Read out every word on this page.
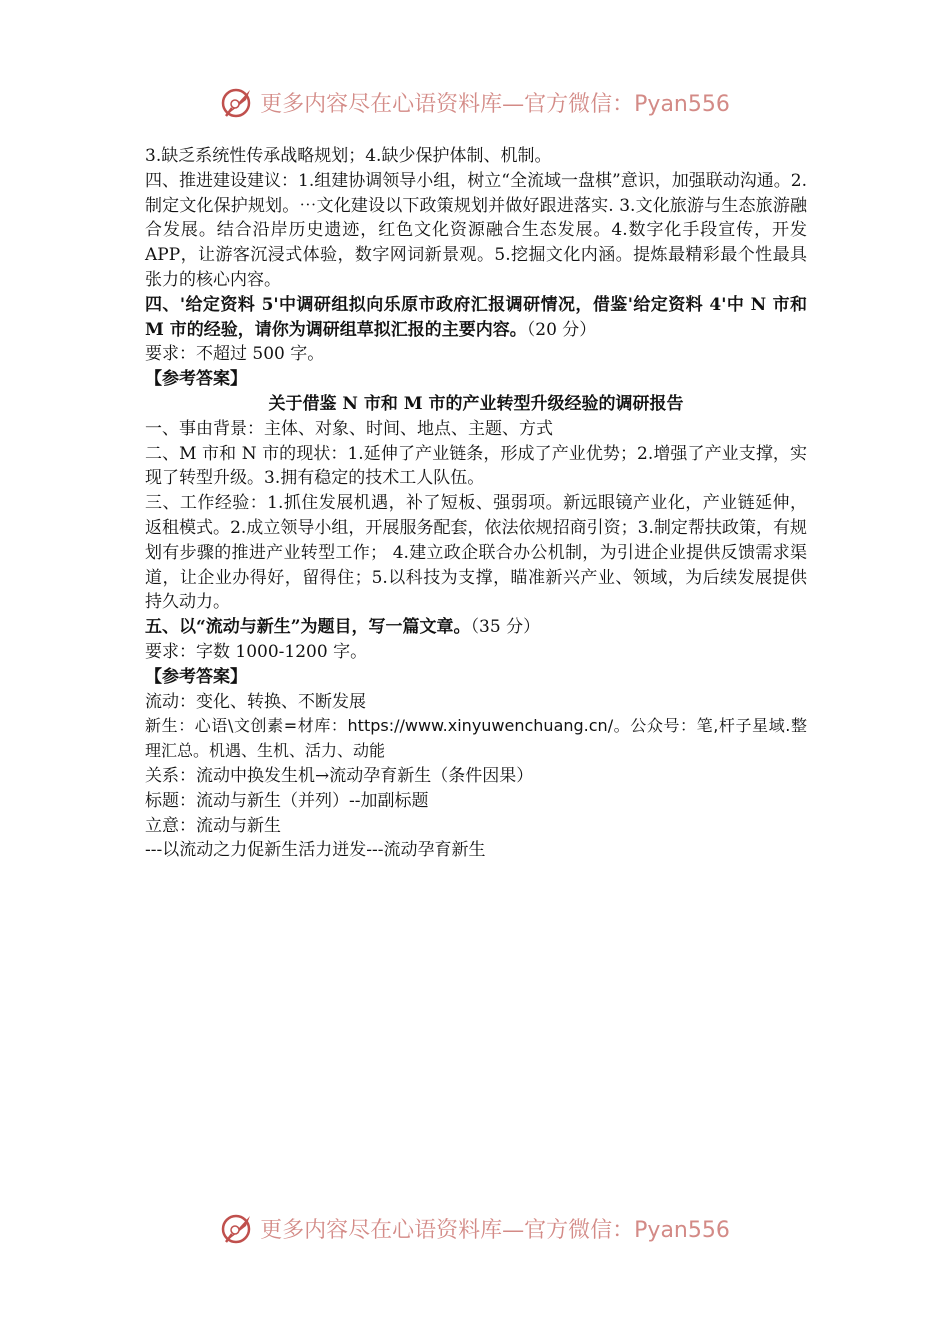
更多内容尽在心语资料库—官方微信：Pyan556

3.缺乏系统性传承战略规划；4.缺少保护体制、机制。

四、推进建设建议：1.组建协调领导小组，树立“全流域一盘棋”意识，加强联动沟通。2.制定文化保护规划。⋯文化建设以下政策规划并做好跟进落实. 3.文化旅游与生态旅游融合发展。结合沿岸历史遗迹，红色文化资源融合生态发展。4.数字化手段宣传，开发 APP，让游客沉浸式体验，数字网词新景观。5.挖掘文化内涵。提炼最精彩最个性最具张力的核心内容。

四、'给定资料 5'中调研组拟向乐原市政府汇报调研情况，借鉴'给定资料 4'中 N 市和 M 市的经验，请你为调研组草拟汇报的主要内容。（20 分）

要求：不超过 500 字。

【参考答案】

关于借鉴 N 市和 M 市的产业转型升级经验的调研报告

一、事由背景：主体、对象、时间、地点、主题、方式

二、M 市和 N 市的现状：1.延伸了产业链条，形成了产业优势；2.增强了产业支撑，实现了转型升级。3.拥有稳定的技术工人队伍。

三、工作经验：1.抓住发展机遇，补了短板、强弱项。新远眼镜产业化，产业链延伸，返租模式。2.成立领导小组，开展服务配套，依法依规招商引资；3.制定帮扶政策，有规划有步骤的推进产业转型工作； 4.建立政企联合办公机制，为引进企业提供反馈需求渠道，让企业办得好，留得住；5.以科技为支撑，瞄准新兴产业、领域，为后续发展提供持久动力。

五、以“流动与新生”为题目，写一篇文章。（35 分）

要求：字数 1000-1200 字。

【参考答案】

流动：变化、转换、不断发展

新生：心语\文创素=材库：https://www.xinyuwenchuang.cn/。公众号：笔,杆子星域.整理汇总。机遇、生机、活力、动能

关系：流动中换发生机→流动孕育新生（条件因果）

标题：流动与新生（并列）--加副标题

立意：流动与新生

---以流动之力促新生活力迸发---流动孕育新生

更多内容尽在心语资料库—官方微信：Pyan556
